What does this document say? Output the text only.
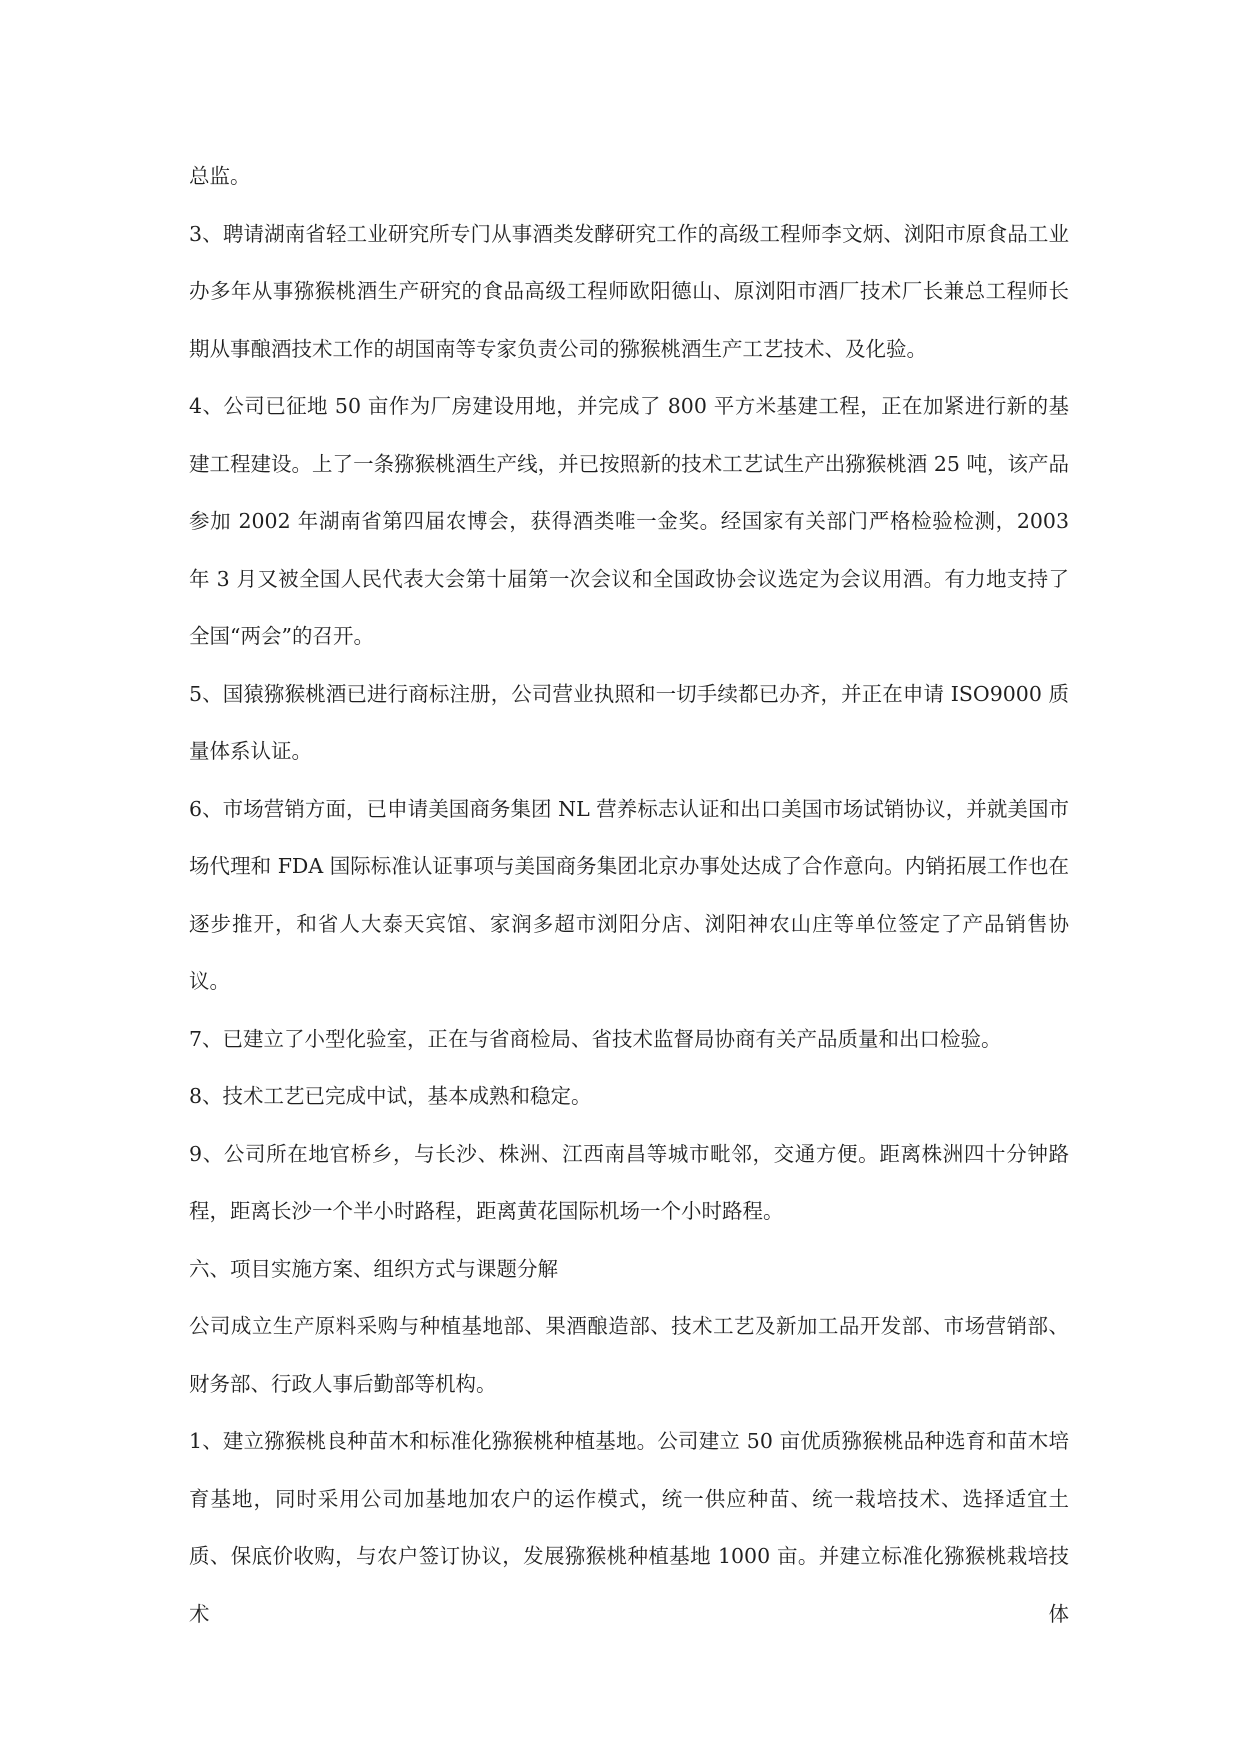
总监。

3、聘请湖南省轻工业研究所专门从事酒类发酵研究工作的高级工程师李文炳、浏阳市原食品工业办多年从事猕猴桃酒生产研究的食品高级工程师欧阳德山、原浏阳市酒厂技术厂长兼总工程师长期从事酿酒技术工作的胡国南等专家负责公司的猕猴桃酒生产工艺技术、及化验。

4、公司已征地 50 亩作为厂房建设用地，并完成了 800 平方米基建工程，正在加紧进行新的基建工程建设。上了一条猕猴桃酒生产线，并已按照新的技术工艺试生产出猕猴桃酒 25 吨，该产品参加 2002 年湖南省第四届农博会，获得酒类唯一金奖。经国家有关部门严格检验检测，2003 年 3 月又被全国人民代表大会第十届第一次会议和全国政协会议选定为会议用酒。有力地支持了全国“两会”的召开。

5、国猿猕猴桃酒已进行商标注册，公司营业执照和一切手续都已办齐，并正在申请 ISO9000 质量体系认证。

6、市场营销方面，已申请美国商务集团 NL 营养标志认证和出口美国市场试销协议，并就美国市场代理和 FDA 国际标准认证事项与美国商务集团北京办事处达成了合作意向。内销拓展工作也在逐步推开，和省人大泰天宾馆、家润多超市浏阳分店、浏阳神农山庄等单位签定了产品销售协议。

7、已建立了小型化验室，正在与省商检局、省技术监督局协商有关产品质量和出口检验。

8、技术工艺已完成中试，基本成熟和稳定。

9、公司所在地官桥乡，与长沙、株洲、江西南昌等城市毗邻，交通方便。距离株洲四十分钟路程，距离长沙一个半小时路程，距离黄花国际机场一个小时路程。

六、项目实施方案、组织方式与课题分解

公司成立生产原料采购与种植基地部、果酒酿造部、技术工艺及新加工品开发部、市场营销部、财务部、行政人事后勤部等机构。

1、建立猕猴桃良种苗木和标准化猕猴桃种植基地。公司建立 50 亩优质猕猴桃品种选育和苗木培育基地，同时采用公司加基地加农户的运作模式，统一供应种苗、统一栽培技术、选择适宜土质、保底价收购，与农户签订协议，发展猕猴桃种植基地 1000 亩。并建立标准化猕猴桃栽培技术体
